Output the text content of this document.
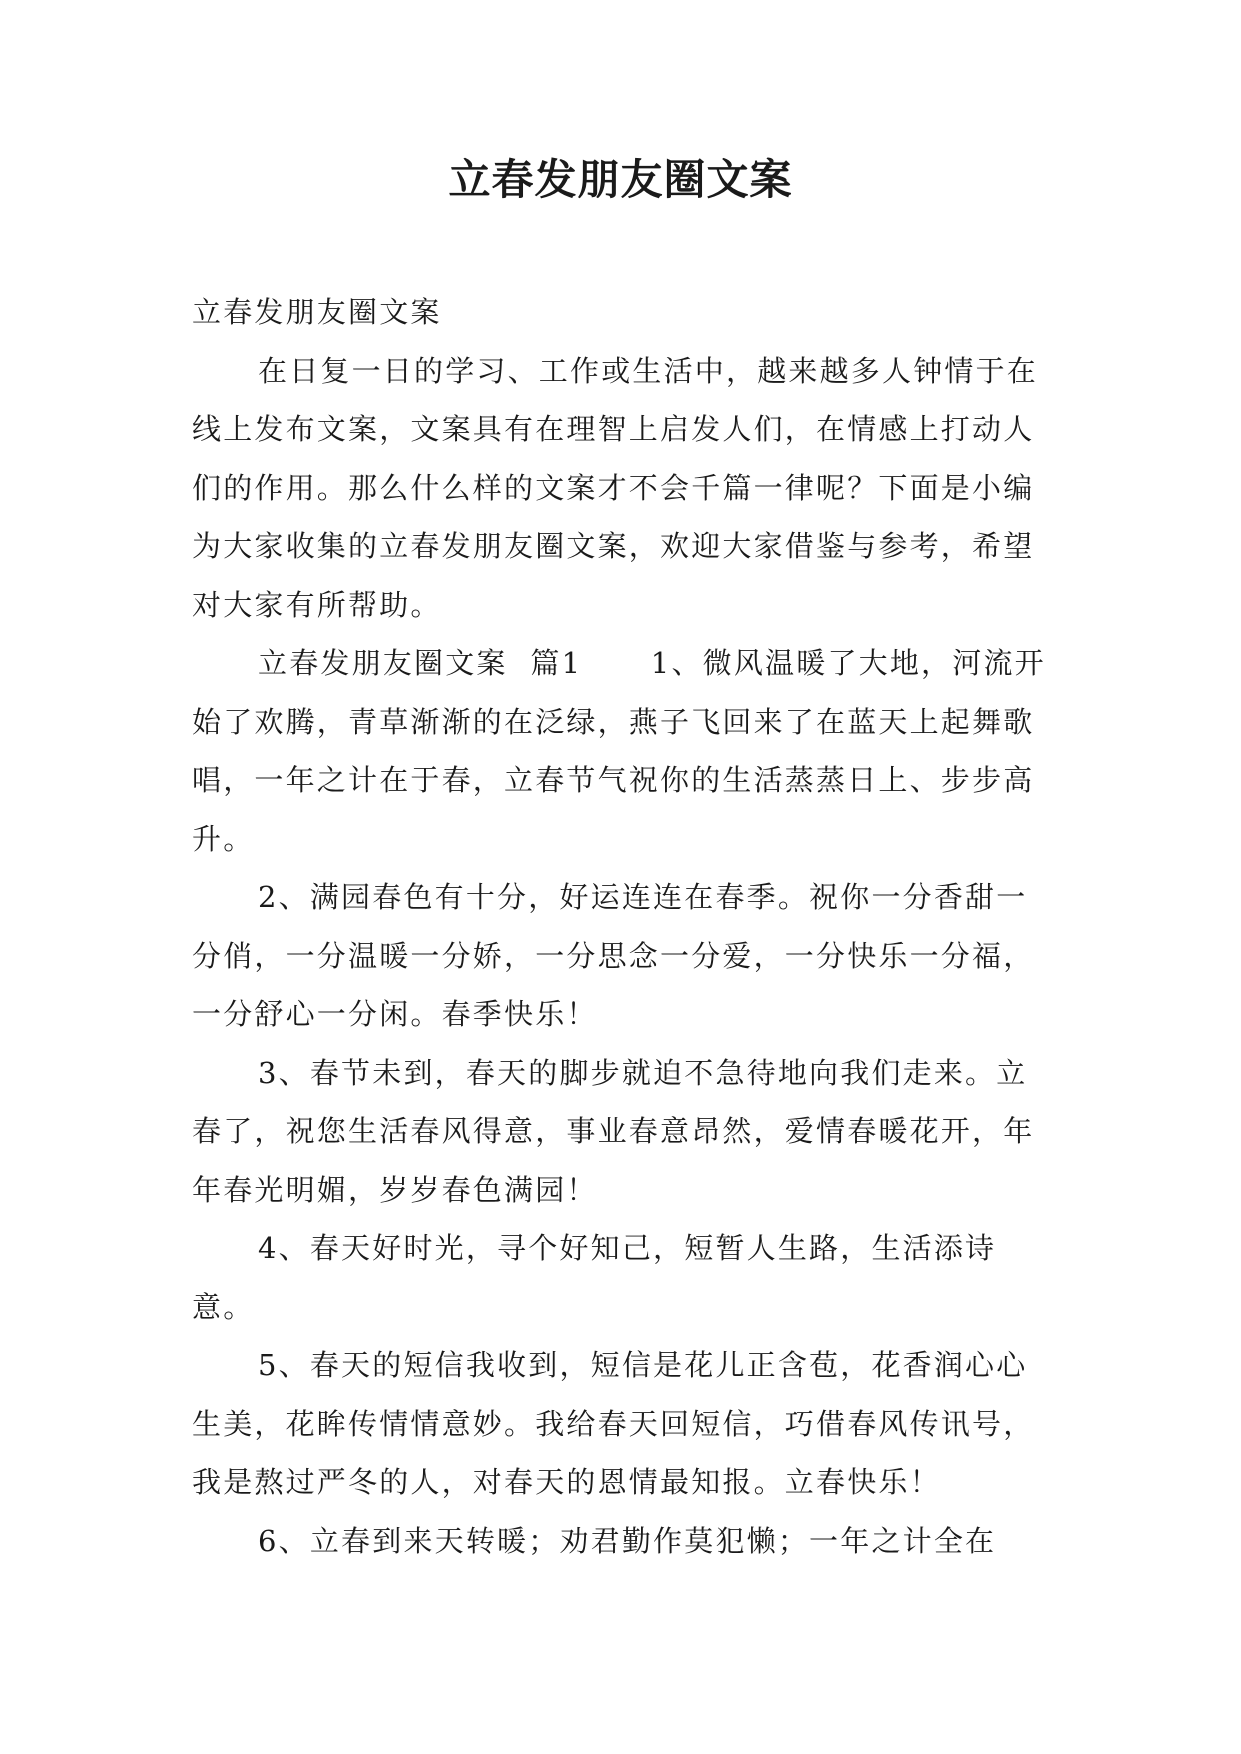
立春发朋友圈文案

立春发朋友圈文案

在日复一日的学习、工作或生活中，越来越多人钟情于在线上发布文案，文案具有在理智上启发人们，在情感上打动人们的作用。那么什么样的文案才不会千篇一律呢？下面是小编为大家收集的立春发朋友圈文案，欢迎大家借鉴与参考，希望对大家有所帮助。

立春发朋友圈文案  篇1      1、微风温暖了大地，河流开始了欢腾，青草渐渐的在泛绿，燕子飞回来了在蓝天上起舞歌唱，一年之计在于春，立春节气祝你的生活蒸蒸日上、步步高升。

2、满园春色有十分，好运连连在春季。祝你一分香甜一分俏，一分温暖一分娇，一分思念一分爱，一分快乐一分福，一分舒心一分闲。春季快乐！

3、春节未到，春天的脚步就迫不急待地向我们走来。立春了，祝您生活春风得意，事业春意昂然，爱情春暖花开，年年春光明媚，岁岁春色满园！

4、春天好时光，寻个好知己，短暂人生路，生活添诗意。

5、春天的短信我收到，短信是花儿正含苞，花香润心心生美，花眸传情情意妙。我给春天回短信，巧借春风传讯号，我是熬过严冬的人，对春天的恩情最知报。立春快乐！

6、立春到来天转暖；劝君勤作莫犯懒；一年之计全在
